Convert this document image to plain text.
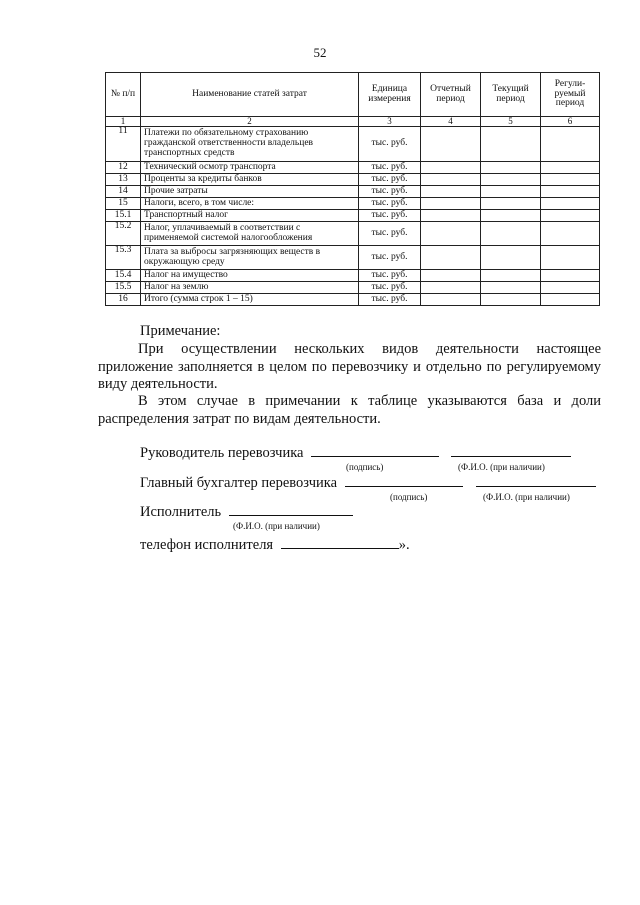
52
№ п/п	Наименование статей затрат	Единица измерения	Отчетный период	Текущий период	Регули-руемый период
1	2	3	4	5	6
11	Платежи по обязательному страхованию гражданской ответственности владельцев транспортных средств	тыс. руб.			
12	Технический осмотр транспорта	тыс. руб.			
13	Проценты за кредиты банков	тыс. руб.			
14	Прочие затраты	тыс. руб.			
15	Налоги, всего, в том числе:	тыс. руб.			
15.1	Транспортный налог	тыс. руб.			
15.2	Налог, уплачиваемый в соответствии с применяемой системой налогообложения	тыс. руб.			
15.3	Плата за выбросы загрязняющих веществ в окружающую среду	тыс. руб.			
15.4	Налог на имущество	тыс. руб.			
15.5	Налог на землю	тыс. руб.			
16	Итого (сумма строк 1 – 15)	тыс. руб.			
Примечание:
При осуществлении нескольких видов деятельности настоящее приложение заполняется в целом по перевозчику и отдельно по регулируемому виду деятельности.
В этом случае в примечании к таблице указываются база и доли распределения затрат по видам деятельности.
Руководитель перевозчика
(подпись)	(Ф.И.О. (при наличии)
Главный бухгалтер перевозчика
(подпись)	(Ф.И.О. (при наличии)
Исполнитель
(Ф.И.О. (при наличии)
телефон исполнителя	».
